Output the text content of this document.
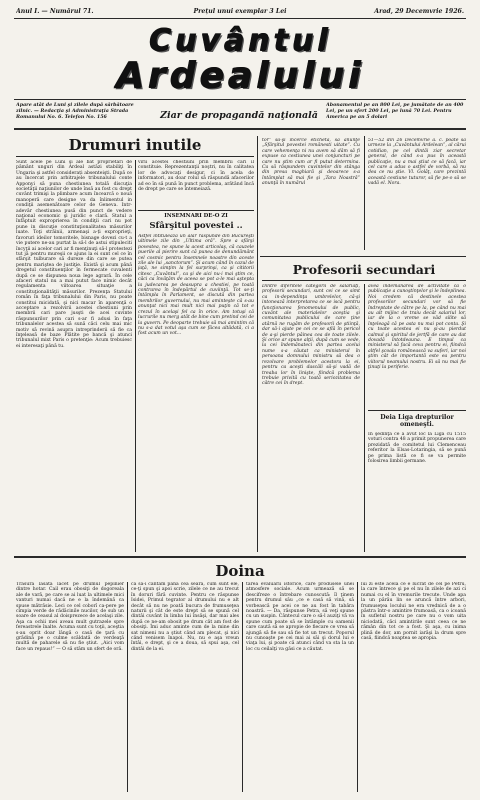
Anul I. — Numărul 71.	Prețul unui exemplar 3 Lei	Arad, 29 Decemvrie 1926.
Cuvântul
Ardealului
Apare atât de Luni şi zilele după sărbătoare zilnic. — Redacţia şi Administraţia Strada Romanului No. 6. Telefon No. 156	Ziar de propagandă naţională
Abonamentul pe an 800 Lei, pe jumătate de an 400 Lei, pe un sfert 200 Lei, pe lună 70 Lei. Pentru America pe an 5 dolari
Drumuri inutile
Sunt acele pe Luni şi ale bat proprietari de pământ unguri din Ardeal astăzi stabiliţi în Ungaria şi astfel considerați absenteişti. După ce au încercat prin arbitrajele tribunalului conte Apponyi să puna chestiunea totală discuţia societăţii naţiunilor de unde însă au fost cu drept cuvânt trimişi la plimbare acum încearcă o nouă manoperă care designe va da înlimentul in condiţii asemenătoare celor de Geneva. Intr-adevăr chestiunea pusă din punct de vedere naţional economic şi juridic e clară. Statul a înfăptuit exproprierea în condiţii cari nu pot pune in discuţie constituţionalitatea măsurilor luate. Toţi străinii, armenaşi a-ți exproprieţi, favoruri ideilor tomoritele, bisnage dovezi cu-t a vie putere ne-au purtat la să-l de astui stipuleciti încyţii ai acelor cari ar fi menţinuţi să-l protestezi tut jă pentru mureşii ce ajuns la ei sunt cel ce în sfârşit tulburare să dureze din care se putea pentru mariştea de justiţie. Există şi acum până dregetul constituenţilor în fermecate cuvalenti după ce se dispunea noua lege agrară. În cele afaceri statul nu a mai putut face nimic decât regulamenta viitoarea situaţie a constituţionalităţii măsurilor. Prezenţa Statului român în faţa tribunalului din Paris, nu poate constitui micidată, şi nici macar în aparenţă o acceptare a rezolvirii acestei chestiuni prin membrii cari pare jusşti de acei cuvinte răspunsurilor prin cari s-ar fi adusi în faţa tribunalelor acestea să sună căci celu mai mic motiv să revină asupra intreprinderii să fie ca înţeleasă de baze Plătite pe bancă şi atunci tribunalul mixt Paris o pretenţie: Acum trebuiesc ei interesaţi până tu.
virii acestei chestiuni prin membrii cari il constituie. Reprezentanţii noştri, nu în calitatea lor de advocaţi desigur, ci în acela de informatori, au doar rolul să răspundă afacerilor ad eo în să pună în punct problema, arătând încă de drept pe care se întemeiază.
ÎNSEMNĂRI DE-O ZI
Sfârşitul povestei ..
Astfel întitulează un alar răspunde din Bucureşti ultimele zile din „Ultima oră”. Spre a sfârşi povestea, ne spune la acest articolaş, că cauzele puerile al pierire sunt că punea de denundământ cel cosmic pentru însemnele noastre din aceste zile ale lui „sanctorum”. Şi acum când în cazul de jaţă, ne simţim la fel surprinşi, ca şi cititorii citesc „Cuvântul”, ca şi de aici nu-i mai ştim ce, căci ca învăţăm de aceea se pot a-le mai aştepta la judecarea pe deasupra a chestiei, pe toată contrarea în îndepărtul de cuviinţă. Tot se-ţi întâmpla în Parlament, se discută din partea membrilor guvernului, nu mai aminteşte că s-au anunţat nici mai mult nici mai puţin că tot e crezul în acelaşi fel ca în orice. Am totuşi că lucrurile nu merg atât de bine cum pretind cei de la guvern. Pe deoparte trebuie să mai amintim că nu s-a dat votul aşa cum se făcea altădată, ci a fost acum un vot...
tor” să-şi încerce eticheta, să anunţe „Sfârşitul povestei românesti uitate”. Cu care vehemenţa ni nu avem să dăm să fi expuse ca cestiunea unei conjuncturi pe care nu ştim cum ar fi putut determina. Ca să răspundem cuvintelor din stânga din presa maghiară şi deoarece s-a întâmplat să mai fie şi „Tara Noastră” anunţă în numărul
51—52 din 26 Decemvrie a. c. poate să urmeze la „Cuvântului Ardelean”, al cărui cotidian, pe cel dintâi ziar secretar general, de când s-a pus în această publicaţie, nu a mai ştiut ce să facă, iar cel care a adus o astfel de vorbă, să nu dea ce nu ştie. Vl. Golăţ, care prezintă această cestiune tuturor, să fie pe-o să se vadă el. Nora.
Profesorii secundari
Dintre diferitele categorii de salariaţi, profesorii secundari, sunt cei ce se simt ca in-dependinţa umbrelelor, că-şi intonează interpretarea ce se iscă pentru funcţionarea fenomenului de public, cuvânt ale materialelor aceştia şi comunitatea publicului de care ţine atârnă ne rugăm de profesorii de ştiinţă, dar să-i ajute pe cei ce se află în pericol de a-şi pierde pâinea cea de toate zilele. Şi orice ar spune alţii, după cum se vede, la cei îndemânateci din partea acelui nume s-a căutat ca ministerul în persoana domnului ministru să dea o rezolvare problemelor acestora la ei, pentru ca aceşti dascăli să-şi vadă de treaba lor în linişte, fiindcă problema trebuie privită cu toată seriozitatea de către cei în drept.
avea îndemânarea de activitate ca o publicaţie a cunoştinţelor şi le îndeplinea. Noi credem că destinele acestea profesorilor secundari vor să fie îndreptate de către pe la, pe când nu mai au alt mijloc de traiu decât salariul lor, iar de la o vreme se văd silite să înţeleagă că pe asta nu mai pot conta. Şi cu toate acestea ei nu şi-au pierdut calmul şi spiritul de jertfă de care au dat dovadă întotdeauna. E timpul ca ministerul să facă ceva pentru ei, fiindcă altfel şcoala românească va suferi, iar noi ştim cât de importantă este ea pentru viitorul neamului nostru. Ei să nu mai fie ţinuţi la periferie.
Deia Liga drepturilor omeneşti.
In şedinţa ce a avut loc la Liga cu 1515 voturi contra 48 a primit propunerea care prezidată de comitetul lui Clemenceau referitor la Elsas-Lotaringia, să se pună pe prima listă ce fi se va permite folosirea limbii germane.
Doina
Trăsura lasată lacet pe drumul pepinier dintre hotar. Cail erau obosiţi de dogoreala ale de vară, pe care se ai luat la ultimele mici vanturi numai dacă ne e la îndemână ca spuse mătrăsie. Leci ce cel coborî ca-pere pe cîmpia verde de rădăcinile nucilor, de sub un soare de ceasul al doisprezece de acelaşi zile. Aşa ca ochii mei aveau mult gutrazele spre fereastrele înalte. Acuma sunt cu toţii, aceştia s-au oprit doar lângă o casă de ţară cu grădină pe o culme scăldată de verdeaţă multă de paharele să nu fie ştiut. „Aici vom face un repaus!” — O să stăm un sfert de oră.
ca să-i cântăm până cea seară, cum sunt ele, ce-ţi spun şi apoi scrie, zilele ce ne au trecut în doruri fără cuvinte. Pentru ce răspunse Isidei, Primul tegrator al drumului nu e alt decât să nu ne poată bucura de frumuseţea naturii şi cât de este drept să se spună cel dintâi cuvânt în limba lui însăşi, dar mai ales după ce ne-am obosit pe drum cât am fost de obosiţi. Îmi aduc aminte cum de la mine din sat nimeni nu a ştiut când am plecat, şi nici când venisem înapoi. Nu, nu e aşa vreun întâi, e drept, şi ce a doua, să spui aşa, cel dintâi de la ei.
tarea evaluării istorice, care produsele unei atmosfere sociale. Acum urmează să se descifreze o întrebare cunoscută: îl ţinem pentru drumul său „ce e casă să vină, să vorbească pe acei ce ne au fost în tabăra noastră. — Da, răspunse Petra, să veţi spune cu un suspin. Cântecul care o să-l auziţi vă va spune cum poate să se întâmple cu oamenii care caută să se apropie de fiecare ce vrea să ajungă să fie sau să fie tot un trecut. Poporul nu cunoaşte pe cei mai ai săi şi dorul lui e viaţa lui, şi poate că atunci când va sta la un loc cu ceilalţi va găsi ce a căutat.
lui zi este acela ce e lucrat de cel pe Petru, la care întrece şi pe el nu în zilele de azi ci numai cu el în vremurile trecute. Unde apa la un pârâu lin se aruncă între arbori, frumuseţea locului ne era vrednică de a o păstra într-o amintire frumoasă, ca o icoană în sufletul nostru pe care nu o vom uita niciodată, căci amintirile sunt ceea ce ne rămân din tot ce a fost. Şi aşa, cu inima plină de dor, am pornit iarăşi la drum spre casă, fiindcă noaptea se apropia.
